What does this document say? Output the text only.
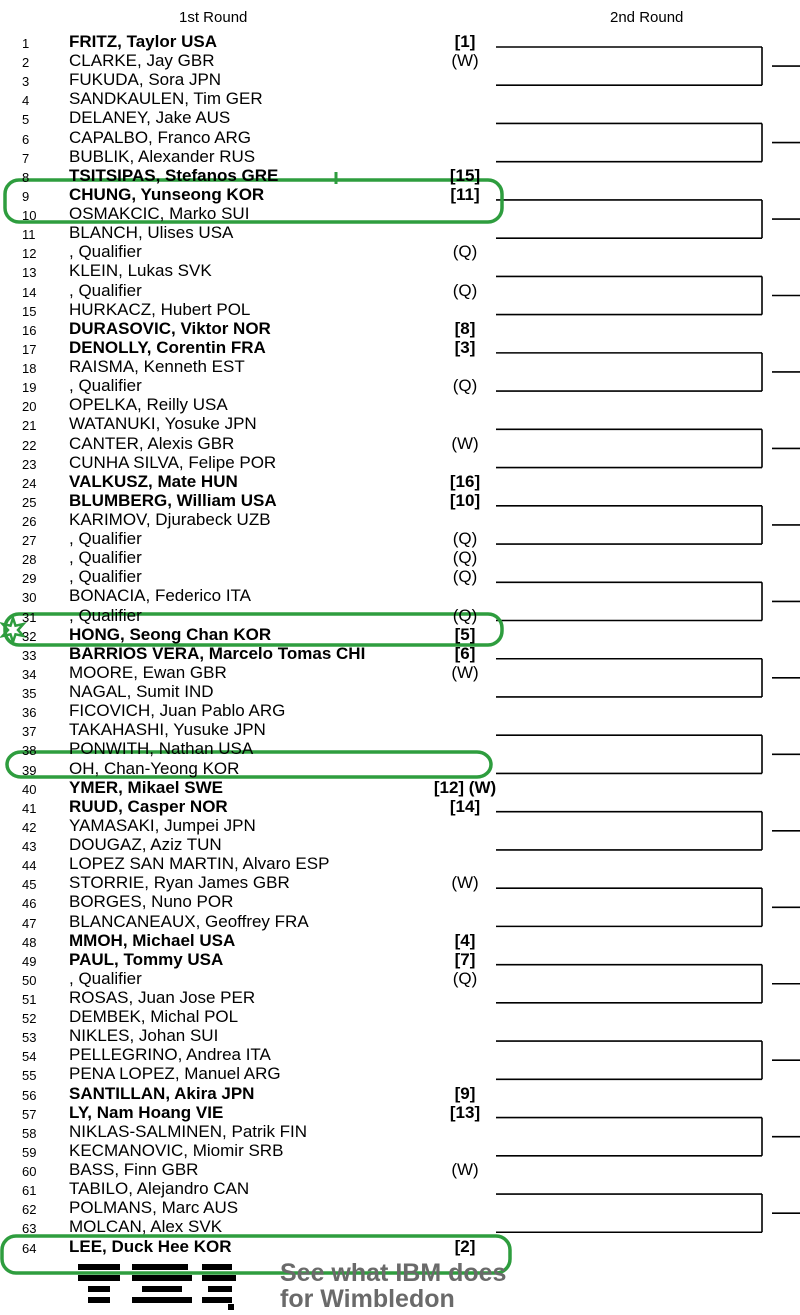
1st Round	2nd Round
1	FRITZ, Taylor USA	[1]
2	CLARKE, Jay GBR	(W)
3	FUKUDA, Sora JPN
4	SANDKAULEN, Tim GER
5	DELANEY, Jake AUS
6	CAPALBO, Franco ARG
7	BUBLIK, Alexander RUS
8	TSITSIPAS, Stefanos GRE	[15]
9	CHUNG, Yunseong KOR	[11]
10	OSMAKCIC, Marko SUI
11	BLANCH, Ulises USA
12	, Qualifier	(Q)
13	KLEIN, Lukas SVK
14	, Qualifier	(Q)
15	HURKACZ, Hubert POL
16	DURASOVIC, Viktor NOR	[8]
17	DENOLLY, Corentin FRA	[3]
18	RAISMA, Kenneth EST
19	, Qualifier	(Q)
20	OPELKA, Reilly USA
21	WATANUKI, Yosuke JPN
22	CANTER, Alexis GBR	(W)
23	CUNHA SILVA, Felipe POR
24	VALKUSZ, Mate HUN	[16]
25	BLUMBERG, William USA	[10]
26	KARIMOV, Djurabeck UZB
27	, Qualifier	(Q)
28	, Qualifier	(Q)
29	, Qualifier	(Q)
30	BONACIA, Federico ITA
31	, Qualifier	(Q)
32	HONG, Seong Chan KOR	[5]
33	BARRIOS VERA, Marcelo Tomas CHI	[6]
34	MOORE, Ewan GBR	(W)
35	NAGAL, Sumit IND
36	FICOVICH, Juan Pablo ARG
37	TAKAHASHI, Yusuke JPN
38	PONWITH, Nathan USA
39	OH, Chan-Yeong KOR
40	YMER, Mikael SWE	[12] (W)
41	RUUD, Casper NOR	[14]
42	YAMASAKI, Jumpei JPN
43	DOUGAZ, Aziz TUN
44	LOPEZ SAN MARTIN, Alvaro ESP
45	STORRIE, Ryan James GBR	(W)
46	BORGES, Nuno POR
47	BLANCANEAUX, Geoffrey FRA
48	MMOH, Michael USA	[4]
49	PAUL, Tommy USA	[7]
50	, Qualifier	(Q)
51	ROSAS, Juan Jose PER
52	DEMBEK, Michal POL
53	NIKLES, Johan SUI
54	PELLEGRINO, Andrea ITA
55	PENA LOPEZ, Manuel ARG
56	SANTILLAN, Akira JPN	[9]
57	LY, Nam Hoang VIE	[13]
58	NIKLAS-SALMINEN, Patrik FIN
59	KECMANOVIC, Miomir SRB
60	BASS, Finn GBR	(W)
61	TABILO, Alejandro CAN
62	POLMANS, Marc AUS
63	MOLCAN, Alex SVK
64	LEE, Duck Hee KOR	[2]
See what IBM does
for Wimbledon
